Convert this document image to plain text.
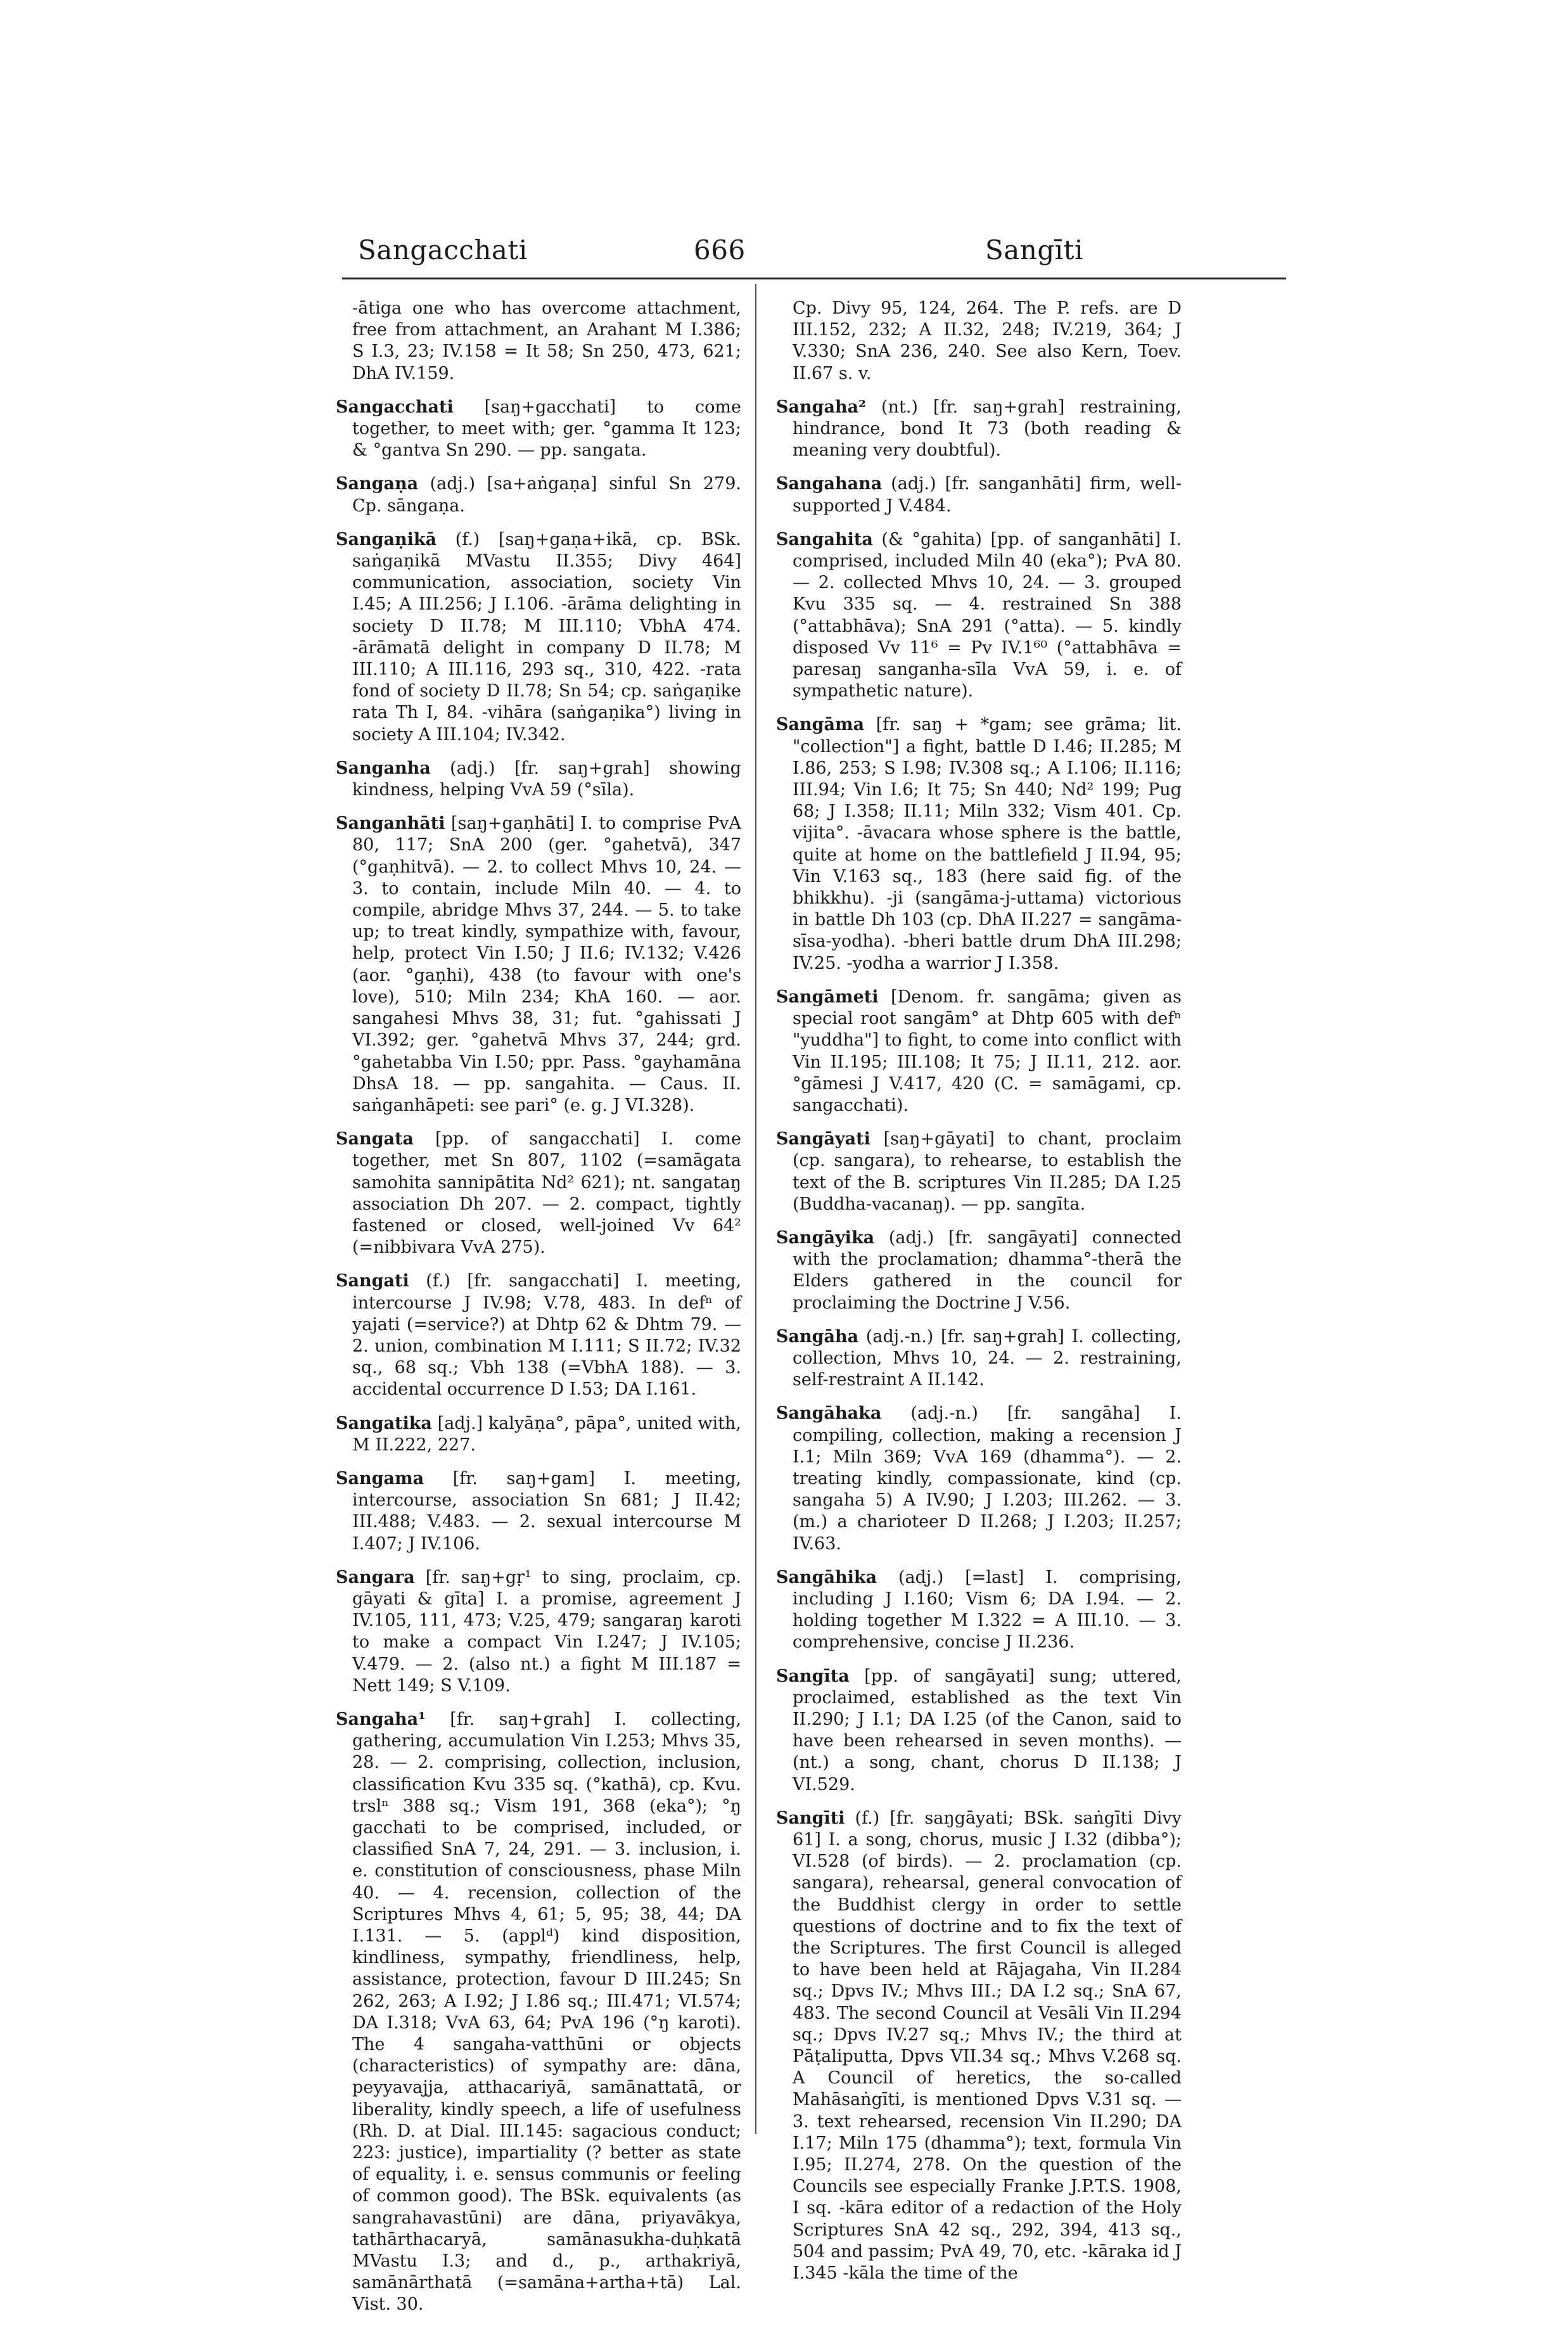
Sangacchati	666	Sangīti

-ātiga one who has overcome attachment, free from attachment, an Arahant M I.386; S I.3, 23; IV.158 = It 58; Sn 250, 473, 621; DhA IV.159.

Sangacchati [saŋ+gacchati] to come together, to meet with; ger. °gamma It 123; & °gantva Sn 290. — pp. sangata.

Sangaṇa (adj.) [sa+aṅgaṇa] sinful Sn 279. Cp. sāngaṇa.

Sangaṇikā (f.) [saŋ+gaṇa+ikā, cp. BSk. saṅgaṇikā MVastu II.355; Divy 464] communication, association, society Vin I.45; A III.256; J I.106. -ārāma delighting in society D II.78; M III.110; VbhA 474. -ārāmatā delight in company D II.78; M III.110; A III.116, 293 sq., 310, 422. -rata fond of society D II.78; Sn 54; cp. saṅgaṇike rata Th I, 84. -vihāra (saṅgaṇika°) living in society A III.104; IV.342.

Sanganha (adj.) [fr. saŋ+grah] showing kindness, helping VvA 59 (°sīla).

Sanganhāti [saŋ+gaṇhāti] I. to comprise PvA 80, 117; SnA 200 (ger. °gahetvā), 347 (°gaṇhitvā). — 2. to collect Mhvs 10, 24. — 3. to contain, include Miln 40. — 4. to compile, abridge Mhvs 37, 244. — 5. to take up; to treat kindly, sympathize with, favour, help, protect Vin I.50; J II.6; IV.132; V.426 (aor. °gaṇhi), 438 (to favour with one's love), 510; Miln 234; KhA 160. — aor. sangahesi Mhvs 38, 31; fut. °gahissati J VI.392; ger. °gahetvā Mhvs 37, 244; grd. °gahetabba Vin I.50; ppr. Pass. °gayhamāna DhsA 18. — pp. sangahita. — Caus. II. saṅganhāpeti: see pari° (e. g. J VI.328).

Sangata [pp. of sangacchati] I. come together, met Sn 807, 1102 (=samāgata samohita sannipātita Nd² 621); nt. sangataŋ association Dh 207. — 2. compact, tightly fastened or closed, well-joined Vv 64² (=nibbivara VvA 275).

Sangati (f.) [fr. sangacchati] I. meeting, intercourse J IV.98; V.78, 483. In defⁿ of yajati (=service?) at Dhtp 62 & Dhtm 79. — 2. union, combination M I.111; S II.72; IV.32 sq., 68 sq.; Vbh 138 (=VbhA 188). — 3. accidental occurrence D I.53; DA I.161.

Sangatika [adj.] kalyāṇa°, pāpa°, united with, M II.222, 227.

Sangama [fr. saŋ+gam] I. meeting, intercourse, association Sn 681; J II.42; III.488; V.483. — 2. sexual intercourse M I.407; J IV.106.

Sangara [fr. saŋ+gṛ¹ to sing, proclaim, cp. gāyati & gīta] I. a promise, agreement J IV.105, 111, 473; V.25, 479; sangaraŋ karoti to make a compact Vin I.247; J IV.105; V.479. — 2. (also nt.) a fight M III.187 = Nett 149; S V.109.

Sangaha¹ [fr. saŋ+grah] I. collecting, gathering, accumulation Vin I.253; Mhvs 35, 28. — 2. comprising, collection, inclusion, classification Kvu 335 sq. (°kathā), cp. Kvu. trslⁿ 388 sq.; Vism 191, 368 (eka°); °ŋ gacchati to be comprised, included, or classified SnA 7, 24, 291. — 3. inclusion, i. e. constitution of consciousness, phase Miln 40. — 4. recension, collection of the Scriptures Mhvs 4, 61; 5, 95; 38, 44; DA I.131. — 5. (applᵈ) kind disposition, kindliness, sympathy, friendliness, help, assistance, protection, favour D III.245; Sn 262, 263; A I.92; J I.86 sq.; III.471; VI.574; DA I.318; VvA 63, 64; PvA 196 (°ŋ karoti). The 4 sangaha-vatthūni or objects (characteristics) of sympathy are: dāna, peyyavajja, atthacariyā, samānattatā, or liberality, kindly speech, a life of usefulness (Rh. D. at Dial. III.145: sagacious conduct; 223: justice), impartiality (? better as state of equality, i. e. sensus communis or feeling of common good). The BSk. equivalents (as sangrahavastūni) are dāna, priyavākya, tathārthacaryā, samānasukha-duḥkatā MVastu I.3; and d., p., arthakriyā, samānārthatā (=samāna+artha+tā) Lal. Vist. 30.

Cp. Divy 95, 124, 264. The P. refs. are D III.152, 232; A II.32, 248; IV.219, 364; J V.330; SnA 236, 240. See also Kern, Toev. II.67 s. v.

Sangaha² (nt.) [fr. saŋ+grah] restraining, hindrance, bond It 73 (both reading & meaning very doubtful).

Sangahana (adj.) [fr. sanganhāti] firm, well-supported J V.484.

Sangahita (& °gahita) [pp. of sanganhāti] I. comprised, included Miln 40 (eka°); PvA 80. — 2. collected Mhvs 10, 24. — 3. grouped Kvu 335 sq. — 4. restrained Sn 388 (°attabhāva); SnA 291 (°atta). — 5. kindly disposed Vv 11⁶ = Pv IV.1⁶⁰ (°attabhāva = paresaŋ sanganha-sīla VvA 59, i. e. of sympathetic nature).

Sangāma [fr. saŋ + *gam; see grāma; lit. "collection"] a fight, battle D I.46; II.285; M I.86, 253; S I.98; IV.308 sq.; A I.106; II.116; III.94; Vin I.6; It 75; Sn 440; Nd² 199; Pug 68; J I.358; II.11; Miln 332; Vism 401. Cp. vijita°. -āvacara whose sphere is the battle, quite at home on the battlefield J II.94, 95; Vin V.163 sq., 183 (here said fig. of the bhikkhu). -ji (sangāma-j-uttama) victorious in battle Dh 103 (cp. DhA II.227 = sangāma-sīsa-yodha). -bheri battle drum DhA III.298; IV.25. -yodha a warrior J I.358.

Sangāmeti [Denom. fr. sangāma; given as special root sangām° at Dhtp 605 with defⁿ "yuddha"] to fight, to come into conflict with Vin II.195; III.108; It 75; J II.11, 212. aor. °gāmesi J V.417, 420 (C. = samāgami, cp. sangacchati).

Sangāyati [saŋ+gāyati] to chant, proclaim (cp. sangara), to rehearse, to establish the text of the B. scriptures Vin II.285; DA I.25 (Buddha-vacanaŋ). — pp. sangīta.

Sangāyika (adj.) [fr. sangāyati] connected with the proclamation; dhamma°-therā the Elders gathered in the council for proclaiming the Doctrine J V.56.

Sangāha (adj.-n.) [fr. saŋ+grah] I. collecting, collection, Mhvs 10, 24. — 2. restraining, self-restraint A II.142.

Sangāhaka (adj.-n.) [fr. sangāha] I. compiling, collection, making a recension J I.1; Miln 369; VvA 169 (dhamma°). — 2. treating kindly, compassionate, kind (cp. sangaha 5) A IV.90; J I.203; III.262. — 3. (m.) a charioteer D II.268; J I.203; II.257; IV.63.

Sangāhika (adj.) [=last] I. comprising, including J I.160; Vism 6; DA I.94. — 2. holding together M I.322 = A III.10. — 3. comprehensive, concise J II.236.

Sangīta [pp. of sangāyati] sung; uttered, proclaimed, established as the text Vin II.290; J I.1; DA I.25 (of the Canon, said to have been rehearsed in seven months). — (nt.) a song, chant, chorus D II.138; J VI.529.

Sangīti (f.) [fr. saŋgāyati; BSk. saṅgīti Divy 61] I. a song, chorus, music J I.32 (dibba°); VI.528 (of birds). — 2. proclamation (cp. sangara), rehearsal, general convocation of the Buddhist clergy in order to settle questions of doctrine and to fix the text of the Scriptures. The first Council is alleged to have been held at Rājagaha, Vin II.284 sq.; Dpvs IV.; Mhvs III.; DA I.2 sq.; SnA 67, 483. The second Council at Vesāli Vin II.294 sq.; Dpvs IV.27 sq.; Mhvs IV.; the third at Pāṭaliputta, Dpvs VII.34 sq.; Mhvs V.268 sq. A Council of heretics, the so-called Mahāsaṅgīti, is mentioned Dpvs V.31 sq. — 3. text rehearsed, recension Vin II.290; DA I.17; Miln 175 (dhamma°); text, formula Vin I.95; II.274, 278. On the question of the Councils see especially Franke J.P.T.S. 1908, I sq. -kāra editor of a redaction of the Holy Scriptures SnA 42 sq., 292, 394, 413 sq., 504 and passim; PvA 49, 70, etc. -kāraka id J I.345 -kāla the time of the
